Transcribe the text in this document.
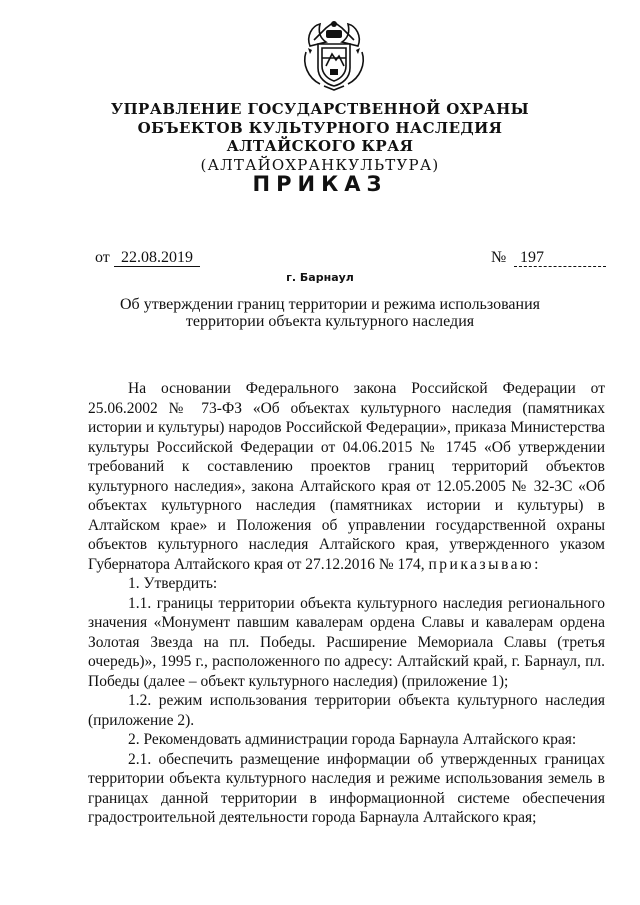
УПРАВЛЕНИЕ ГОСУДАРСТВЕННОЙ ОХРАНЫ
ОБЪЕКТОВ КУЛЬТУРНОГО НАСЛЕДИЯ
АЛТАЙСКОГО КРАЯ
(АЛТАЙОХРАНКУЛЬТУРА)
ПРИКАЗ
от 22.08.2019	№ 197
г. Барнаул
Об утверждении границ территории и режима использования
территории объекта культурного наследия

На основании Федерального закона Российской Федерации от 25.06.2002 № 73-ФЗ «Об объектах культурного наследия (памятниках истории и культуры) народов Российской Федерации», приказа Министерства культуры Российской Федерации от 04.06.2015 № 1745 «Об утверждении требований к составлению проектов границ территорий объектов культурного наследия», закона Алтайского края от 12.05.2005 № 32-ЗС «Об объектах культурного наследия (памятниках истории и культуры) в Алтайском крае» и Положения об управлении государственной охраны объектов культурного наследия Алтайского края, утвержденного указом Губернатора Алтайского края от 27.12.2016 № 174, приказываю:

1. Утвердить:

1.1. границы территории объекта культурного наследия регионального значения «Монумент павшим кавалерам ордена Славы и кавалерам ордена Золотая Звезда на пл. Победы. Расширение Мемориала Славы (третья очередь)», 1995 г., расположенного по адресу: Алтайский край, г. Барнаул, пл. Победы (далее – объект культурного наследия) (приложение 1);

1.2. режим использования территории объекта культурного наследия (приложение 2).

2. Рекомендовать администрации города Барнаула Алтайского края:

2.1. обеспечить размещение информации об утвержденных границах территории объекта культурного наследия и режиме использования земель в границах данной территории в информационной системе обеспечения градостроительной деятельности города Барнаула Алтайского края;
